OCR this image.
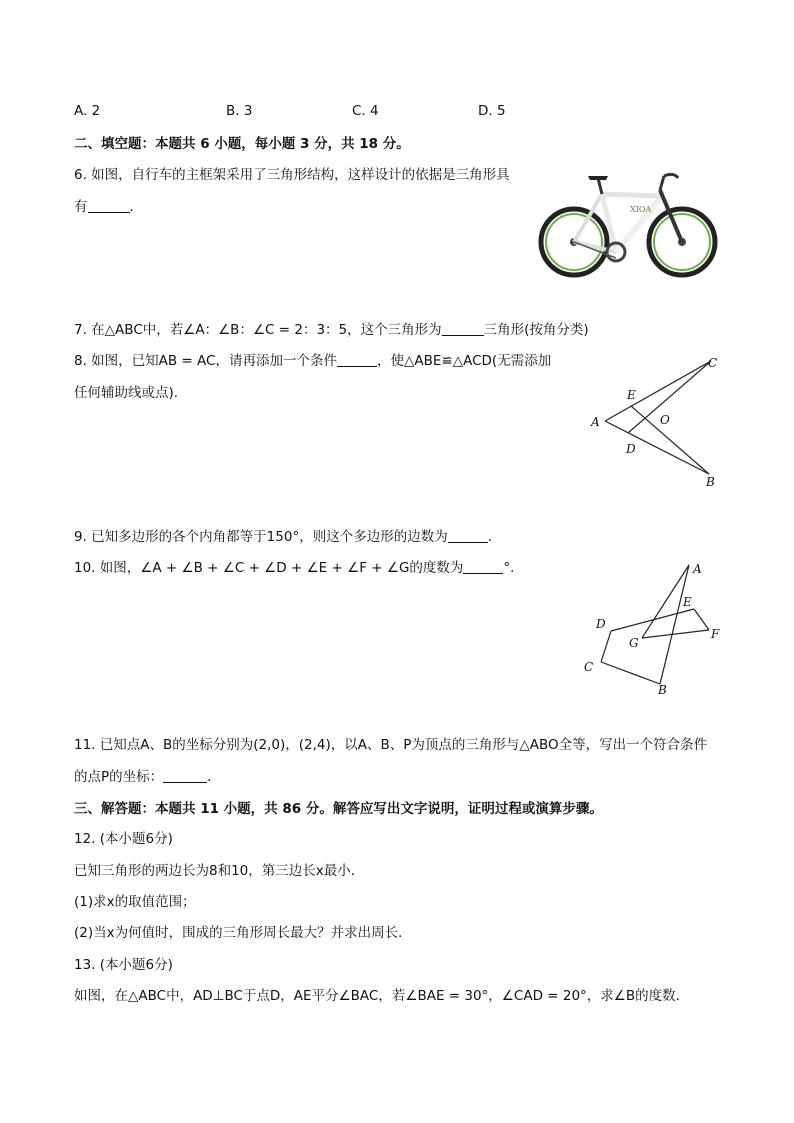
A. 2	B. 3	C. 4	D. 5
二、填空题：本题共 6 小题，每小题 3 分，共 18 分。
6. 如图，自行车的主框架采用了三角形结构，这样设计的依据是三角形具
有	．	XIOA
7. 在△ABC中，若∠A：∠B：∠C = 2：3：5，这个三角形为	三角形(按角分类)
8. 如图，已知AB = AC，请再添加一个条件	，使△ABE≌△ACD(无需添加
任何辅助线或点)．
A
B
C
D
E
O
9. 已知多边形的各个内角都等于150°，则这个多边形的边数为	．
10. 如图，∠A + ∠B + ∠C + ∠D + ∠E + ∠F + ∠G的度数为	°．	A
B
C
D
E
F
G
11. 已知点A、B的坐标分别为(2,0)，(2,4)，以A、B、P为顶点的三角形与△ABO全等，写出一个符合条件
的点P的坐标：	．
三、解答题：本题共 11 小题，共 86 分。解答应写出文字说明，证明过程或演算步骤。
12. (本小题6分)
已知三角形的两边长为8和10，第三边长x最小．
(1)求x的取值范围；
(2)当x为何值时，围成的三角形周长最大？并求出周长．
13. (本小题6分)
如图，在△ABC中，AD⊥BC于点D，AE平分∠BAC，若∠BAE = 30°，∠CAD = 20°，求∠B的度数．
